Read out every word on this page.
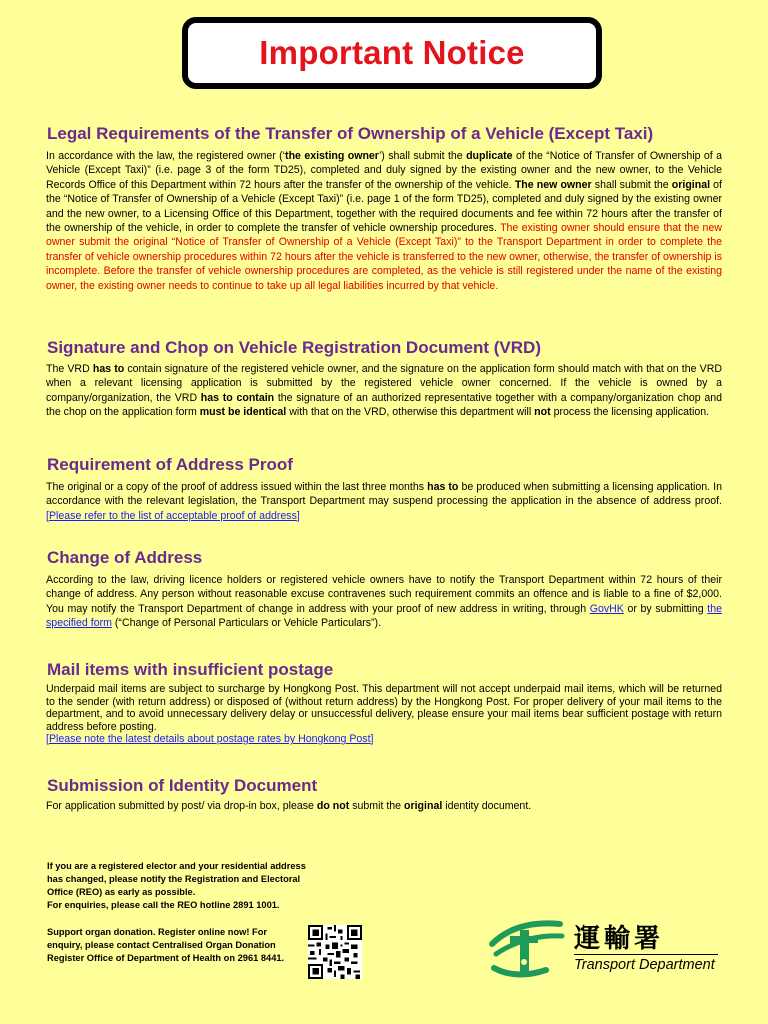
Important Notice
Legal Requirements of the Transfer of Ownership of a Vehicle (Except Taxi)
In accordance with the law, the registered owner (‘the existing owner’) shall submit the duplicate of the “Notice of Transfer of Ownership of a Vehicle (Except Taxi)” (i.e. page 3 of the form TD25), completed and duly signed by the existing owner and the new owner, to the Vehicle Records Office of this Department within 72 hours after the transfer of the ownership of the vehicle. The new owner shall submit the original of the “Notice of Transfer of Ownership of a Vehicle (Except Taxi)” (i.e. page 1 of the form TD25), completed and duly signed by the existing owner and the new owner, to a Licensing Office of this Department, together with the required documents and fee within 72 hours after the transfer of the ownership of the vehicle, in order to complete the transfer of vehicle ownership procedures. The existing owner should ensure that the new owner submit the original “Notice of Transfer of Ownership of a Vehicle (Except Taxi)” to the Transport Department in order to complete the transfer of vehicle ownership procedures within 72 hours after the vehicle is transferred to the new owner, otherwise, the transfer of ownership is incomplete. Before the transfer of vehicle ownership procedures are completed, as the vehicle is still registered under the name of the existing owner, the existing owner needs to continue to take up all legal liabilities incurred by that vehicle.
Signature and Chop on Vehicle Registration Document (VRD)
The VRD has to contain signature of the registered vehicle owner, and the signature on the application form should match with that on the VRD when a relevant licensing application is submitted by the registered vehicle owner concerned. If the vehicle is owned by a company/organization, the VRD has to contain the signature of an authorized representative together with a company/organization chop and the chop on the application form must be identical with that on the VRD, otherwise this department will not process the licensing application.
Requirement of Address Proof
The original or a copy of the proof of address issued within the last three months has to be produced when submitting a licensing application. In accordance with the relevant legislation, the Transport Department may suspend processing the application in the absence of address proof. [Please refer to the list of acceptable proof of address]
Change of Address
According to the law, driving licence holders or registered vehicle owners have to notify the Transport Department within 72 hours of their change of address. Any person without reasonable excuse contravenes such requirement commits an offence and is liable to a fine of $2,000. You may notify the Transport Department of change in address with your proof of new address in writing, through GovHK or by submitting the specified form (“Change of Personal Particulars or Vehicle Particulars”).
Mail items with insufficient postage
Underpaid mail items are subject to surcharge by Hongkong Post. This department will not accept underpaid mail items, which will be returned to the sender (with return address) or disposed of (without return address) by the Hongkong Post. For proper delivery of your mail items to the department, and to avoid unnecessary delivery delay or unsuccessful delivery, please ensure your mail items bear sufficient postage with return address before posting.
[Please note the latest details about postage rates by Hongkong Post]
Submission of Identity Document
For application submitted by post/ via drop-in box, please do not submit the original identity document.
If you are a registered elector and your residential address has changed, please notify the Registration and Electoral Office (REO) as early as possible.
For enquiries, please call the REO hotline 2891 1001.
Support organ donation. Register online now! For enquiry, please contact Centralised Organ Donation Register Office of Department of Health on 2961 8441.
運輸署
Transport Department
